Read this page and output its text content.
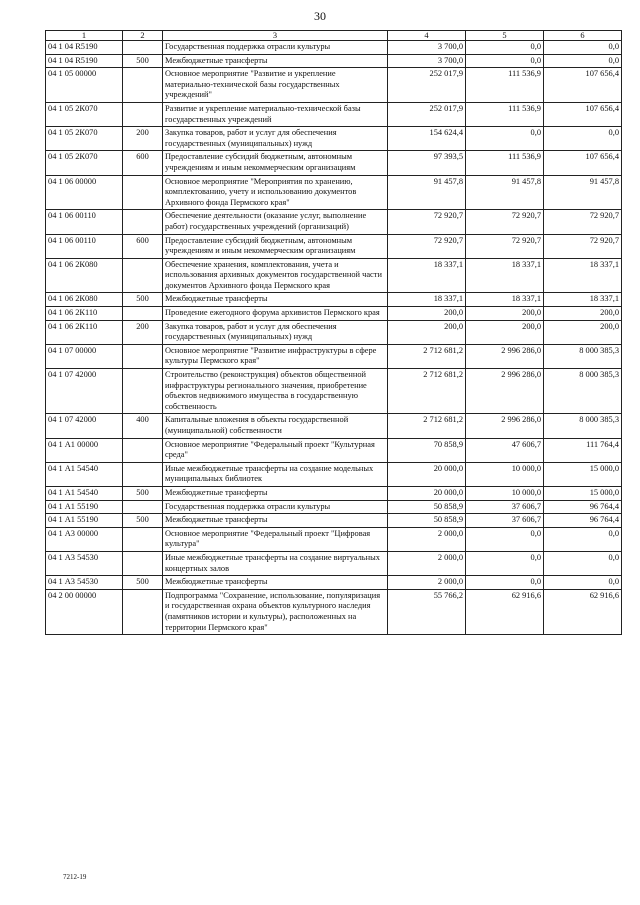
30
1	2	3	4	5	6
04 1 04 R5190		Государственная поддержка отрасли культуры	3 700,0	0,0	0,0
04 1 04 R5190	500	Межбюджетные трансферты	3 700,0	0,0	0,0
04 1 05 00000		Основное мероприятие "Развитие и укрепление материально-технической базы государственных учреждений"	252 017,9	111 536,9	107 656,4
04 1 05 2К070		Развитие и укрепление материально-технической базы государственных учреждений	252 017,9	111 536,9	107 656,4
04 1 05 2К070	200	Закупка товаров, работ и услуг для обеспечения государственных (муниципальных) нужд	154 624,4	0,0	0,0
04 1 05 2К070	600	Предоставление субсидий бюджетным, автономным учреждениям и иным некоммерческим организациям	97 393,5	111 536,9	107 656,4
04 1 06 00000		Основное мероприятие "Мероприятия по хранению, комплектованию, учету и использованию документов Архивного фонда Пермского края"	91 457,8	91 457,8	91 457,8
04 1 06 00110		Обеспечение деятельности (оказание услуг, выполнение работ) государственных учреждений (организаций)	72 920,7	72 920,7	72 920,7
04 1 06 00110	600	Предоставление субсидий бюджетным, автономным учреждениям и иным некоммерческим организациям	72 920,7	72 920,7	72 920,7
04 1 06 2К080		Обеспечение хранения, комплектования, учета и использования архивных документов государственной части документов Архивного фонда Пермского края	18 337,1	18 337,1	18 337,1
04 1 06 2К080	500	Межбюджетные трансферты	18 337,1	18 337,1	18 337,1
04 1 06 2К110		Проведение ежегодного форума архивистов Пермского края	200,0	200,0	200,0
04 1 06 2К110	200	Закупка товаров, работ и услуг для обеспечения государственных (муниципальных) нужд	200,0	200,0	200,0
04 1 07 00000		Основное мероприятие "Развитие инфраструктуры в сфере культуры Пермского края"	2 712 681,2	2 996 286,0	8 000 385,3
04 1 07 42000		Строительство (реконструкция) объектов общественной инфраструктуры регионального значения, приобретение объектов недвижимого имущества в государственную собственность	2 712 681,2	2 996 286,0	8 000 385,3
04 1 07 42000	400	Капитальные вложения в объекты государственной (муниципальной) собственности	2 712 681,2	2 996 286,0	8 000 385,3
04 1 А1 00000		Основное мероприятие "Федеральный проект "Культурная среда"	70 858,9	47 606,7	111 764,4
04 1 А1 54540		Иные межбюджетные трансферты на создание модельных муниципальных библиотек	20 000,0	10 000,0	15 000,0
04 1 А1 54540	500	Межбюджетные трансферты	20 000,0	10 000,0	15 000,0
04 1 А1 55190		Государственная поддержка отрасли культуры	50 858,9	37 606,7	96 764,4
04 1 А1 55190	500	Межбюджетные трансферты	50 858,9	37 606,7	96 764,4
04 1 А3 00000		Основное мероприятие "Федеральный проект "Цифровая культура"	2 000,0	0,0	0,0
04 1 А3 54530		Иные межбюджетные трансферты на создание виртуальных концертных залов	2 000,0	0,0	0,0
04 1 А3 54530	500	Межбюджетные трансферты	2 000,0	0,0	0,0
04 2 00 00000		Подпрограмма "Сохранение, использование, популяризация и государственная охрана объектов культурного наследия (памятников истории и культуры), расположенных на территории Пермского края"	55 766,2	62 916,6	62 916,6
7212-19
